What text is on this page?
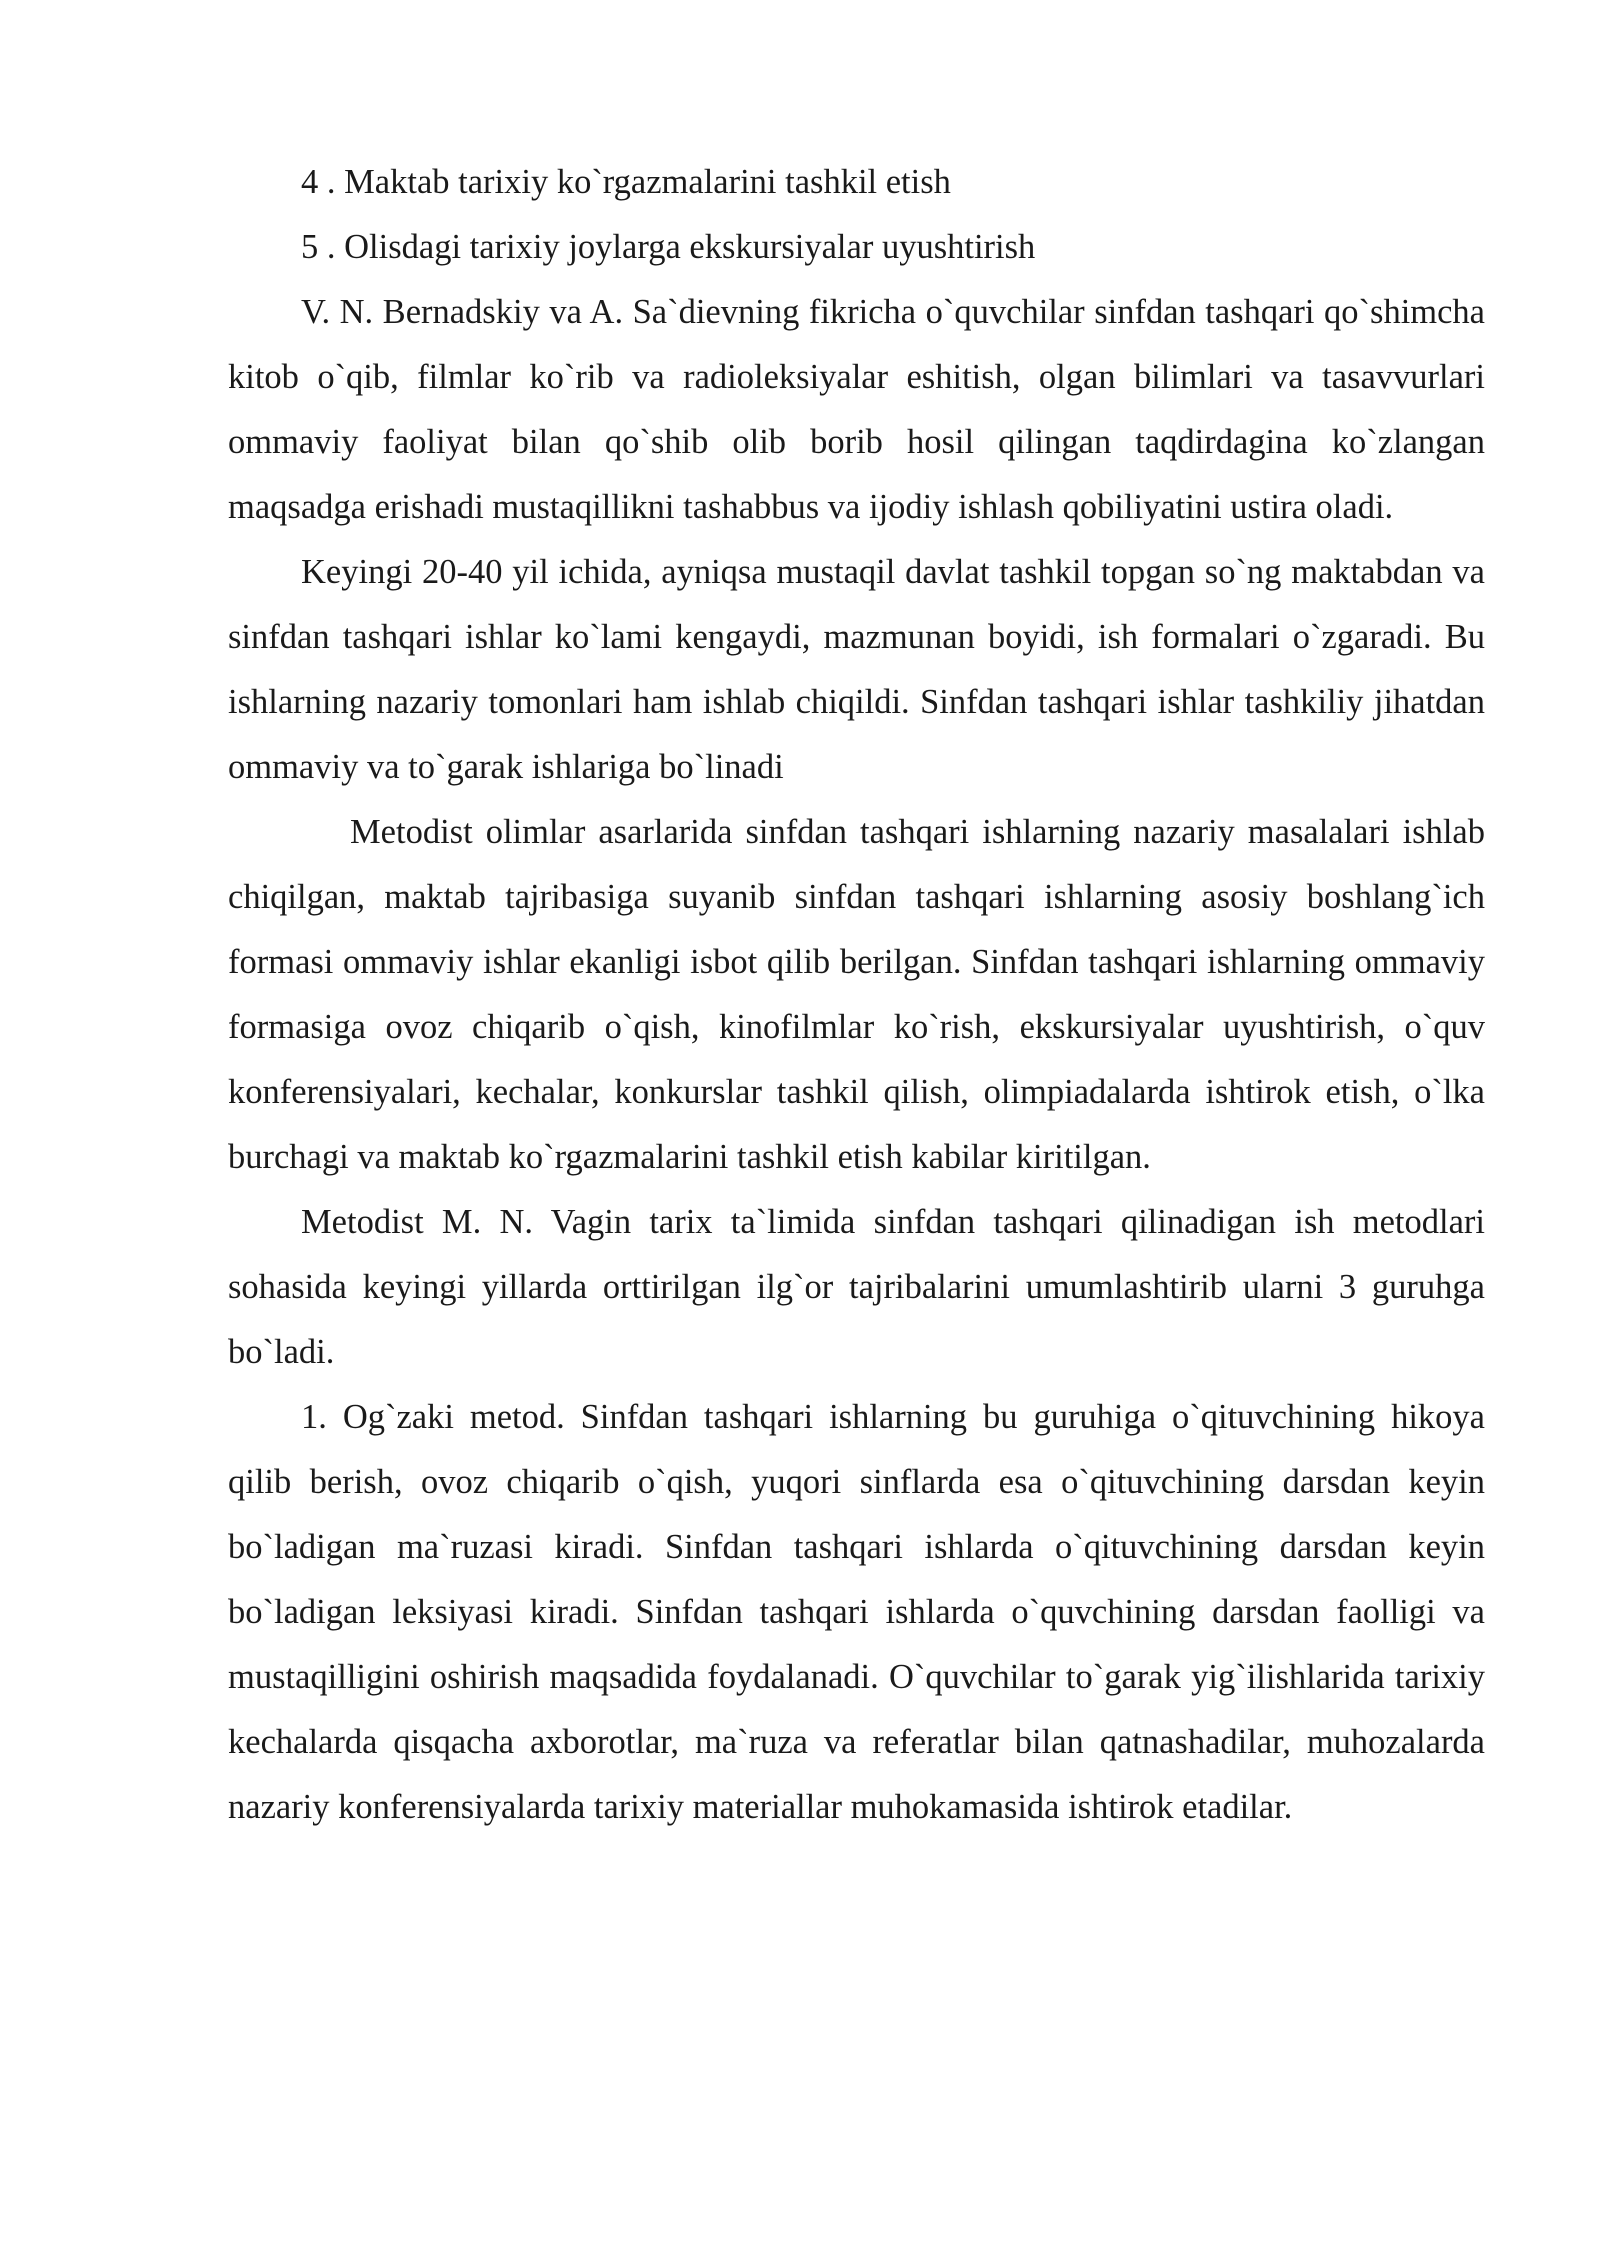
4 . Maktab tarixiy ko`rgazmalarini tashkil etish

5 . Olisdagi tarixiy joylarga ekskursiyalar uyushtirish

V. N. Bernadskiy va A. Sa`dievning fikricha o`quvchilar sinfdan tashqari qo`shimcha kitob o`qib, filmlar ko`rib va radioleksiyalar eshitish, olgan bilimlari va tasavvurlari ommaviy faoliyat bilan qo`shib olib borib hosil qilingan taqdirdagina ko`zlangan maqsadga erishadi mustaqillikni tashabbus va ijodiy ishlash qobiliyatini ustira oladi.

Keyingi 20-40 yil ichida, ayniqsa mustaqil davlat tashkil topgan so`ng maktabdan va sinfdan tashqari ishlar ko`lami kengaydi, mazmunan boyidi, ish formalari o`zgaradi. Bu ishlarning nazariy tomonlari ham ishlab chiqildi. Sinfdan tashqari ishlar tashkiliy jihatdan ommaviy va to`garak ishlariga bo`linadi

Metodist olimlar asarlarida sinfdan tashqari ishlarning nazariy masalalari ishlab chiqilgan, maktab tajribasiga suyanib sinfdan tashqari ishlarning asosiy boshlang`ich formasi ommaviy ishlar ekanligi isbot qilib berilgan. Sinfdan tashqari ishlarning ommaviy formasiga ovoz chiqarib o`qish, kinofilmlar ko`rish, ekskursiyalar uyushtirish, o`quv konferensiyalari, kechalar, konkurslar tashkil qilish, olimpiadalarda ishtirok etish, o`lka burchagi va maktab ko`rgazmalarini tashkil etish kabilar kiritilgan.

Metodist M. N. Vagin tarix ta`limida sinfdan tashqari qilinadigan ish metodlari sohasida keyingi yillarda orttirilgan ilg`or tajribalarini umumlashtirib ularni 3 guruhga bo`ladi.

1. Og`zaki metod. Sinfdan tashqari ishlarning bu guruhiga o`qituvchining hikoya qilib berish, ovoz chiqarib o`qish, yuqori sinflarda esa o`qituvchining darsdan keyin bo`ladigan ma`ruzasi kiradi. Sinfdan tashqari ishlarda o`qituvchining darsdan keyin bo`ladigan leksiyasi kiradi. Sinfdan tashqari ishlarda o`quvchining darsdan faolligi va mustaqilligini oshirish maqsadida foydalanadi. O`quvchilar to`garak yig`ilishlarida tarixiy kechalarda qisqacha axborotlar, ma`ruza va referatlar bilan qatnashadilar, muhozalarda nazariy konferensiyalarda tarixiy materiallar muhokamasida ishtirok etadilar.
